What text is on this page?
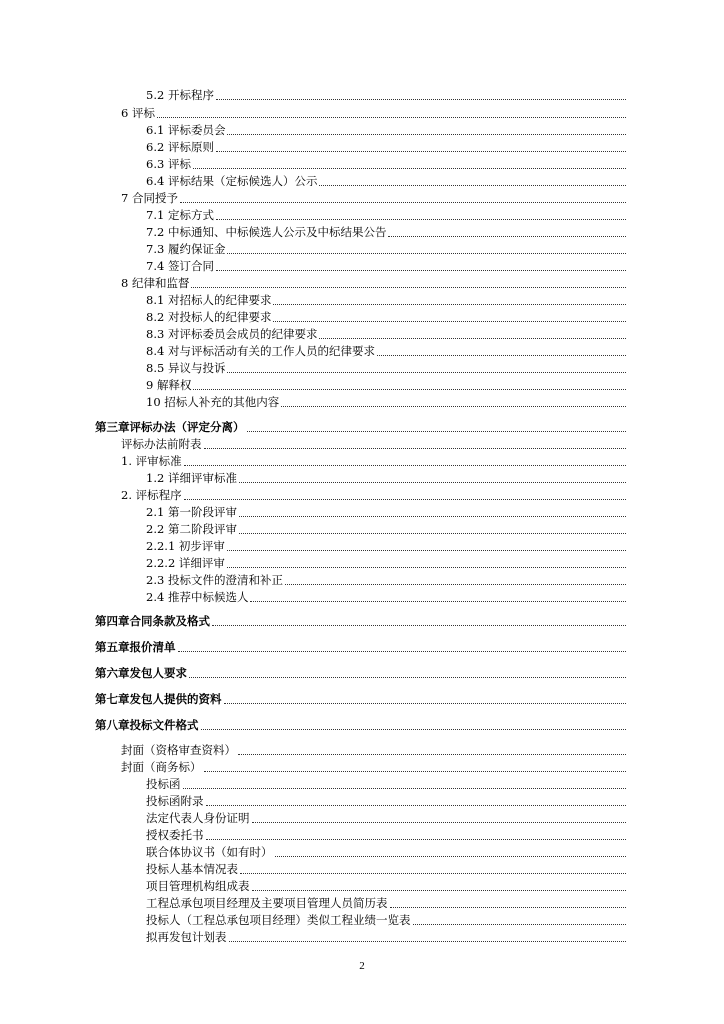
5.2 开标程序
6 评标
6.1 评标委员会
6.2 评标原则
6.3 评标
6.4 评标结果（定标候选人）公示
7 合同授予
7.1 定标方式
7.2 中标通知、中标候选人公示及中标结果公告
7.3 履约保证金
7.4 签订合同
8 纪律和监督
8.1 对招标人的纪律要求
8.2 对投标人的纪律要求
8.3 对评标委员会成员的纪律要求
8.4 对与评标活动有关的工作人员的纪律要求
8.5 异议与投诉
9 解释权
10 招标人补充的其他内容
第三章评标办法（评定分离）
评标办法前附表
1. 评审标准
1.2 详细评审标准
2. 评标程序
2.1 第一阶段评审
2.2 第二阶段评审
2.2.1 初步评审
2.2.2 详细评审
2.3 投标文件的澄清和补正
2.4 推荐中标候选人
第四章合同条款及格式
第五章报价清单
第六章发包人要求
第七章发包人提供的资料
第八章投标文件格式
封面（资格审查资料）
封面（商务标）
投标函
投标函附录
法定代表人身份证明
授权委托书
联合体协议书（如有时）
投标人基本情况表
项目管理机构组成表
工程总承包项目经理及主要项目管理人员简历表
投标人（工程总承包项目经理）类似工程业绩一览表
拟再发包计划表
2
